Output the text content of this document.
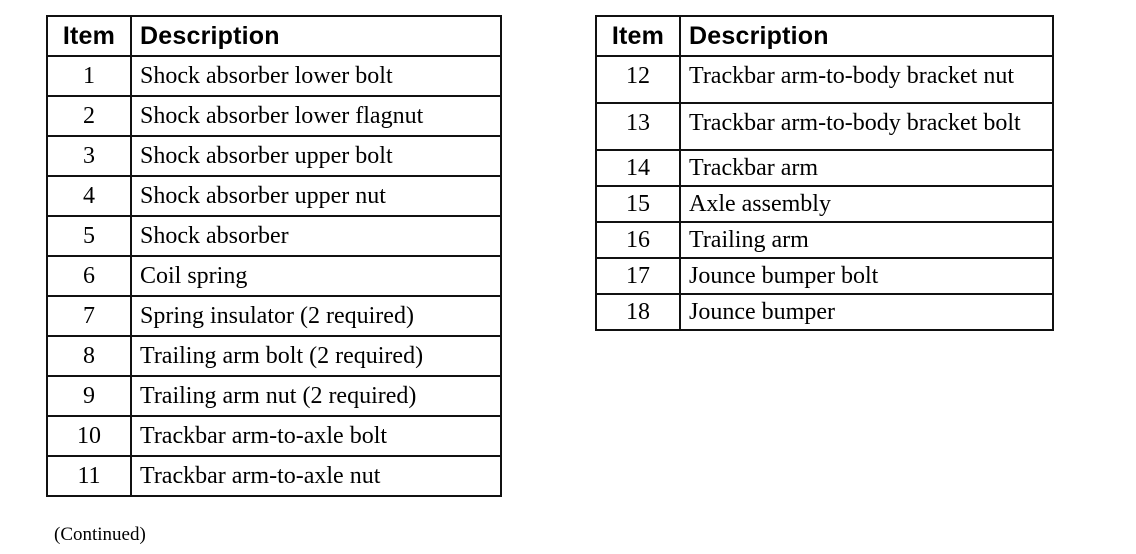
Item	Description
1	Shock absorber lower bolt
2	Shock absorber lower flagnut
3	Shock absorber upper bolt
4	Shock absorber upper nut
5	Shock absorber
6	Coil spring
7	Spring insulator (2 required)
8	Trailing arm bolt (2 required)
9	Trailing arm nut (2 required)
10	Trackbar arm-to-axle bolt
11	Trackbar arm-to-axle nut
(Continued)
Item	Description
12	Trackbar arm-to-body bracket nut
13	Trackbar arm-to-body bracket bolt
14	Trackbar arm
15	Axle assembly
16	Trailing arm
17	Jounce bumper bolt
18	Jounce bumper
